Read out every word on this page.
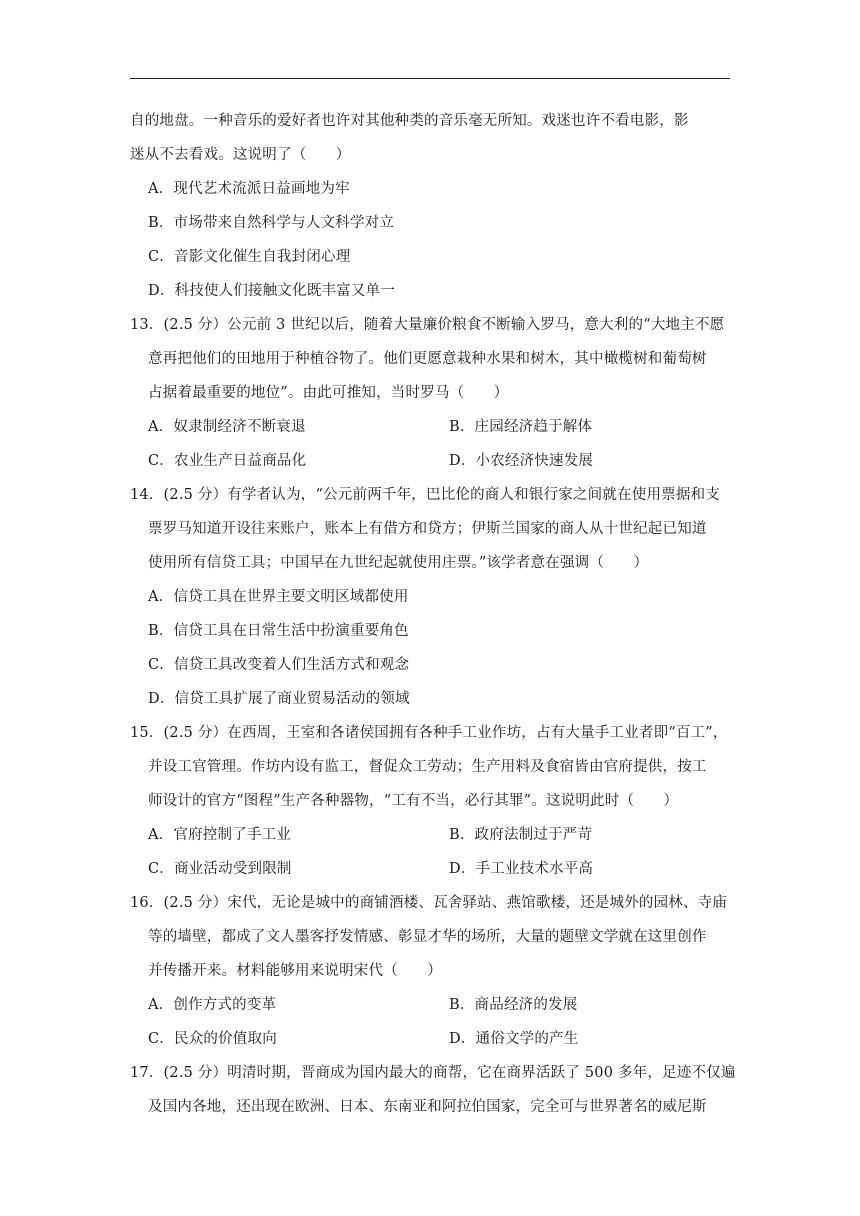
自的地盘。一种音乐的爱好者也许对其他种类的音乐毫无所知。戏迷也许不看电影，影
迷从不去看戏。这说明了（　　）
A．现代艺术流派日益画地为牢
B．市场带来自然科学与人文科学对立
C．音影文化催生自我封闭心理
D．科技使人们接触文化既丰富又单一
13．(2.5 分）公元前 3 世纪以后，随着大量廉价粮食不断输入罗马，意大利的“大地主不愿
意再把他们的田地用于种植谷物了。他们更愿意栽种水果和树木，其中橄榄树和葡萄树
占据着最重要的地位”。由此可推知，当时罗马（　　）
A．奴隶制经济不断衰退	B．庄园经济趋于解体
C．农业生产日益商品化	D．小农经济快速发展
14．(2.5 分）有学者认为，“公元前两千年，巴比伦的商人和银行家之间就在使用票据和支
票罗马知道开设往来账户，账本上有借方和贷方；伊斯兰国家的商人从十世纪起已知道
使用所有信贷工具；中国早在九世纪起就使用庄票。”该学者意在强调（　　）
A．信贷工具在世界主要文明区域都使用
B．信贷工具在日常生活中扮演重要角色
C．信贷工具改变着人们生活方式和观念
D．信贷工具扩展了商业贸易活动的领域
15．(2.5 分）在西周，王室和各诸侯国拥有各种手工业作坊，占有大量手工业者即“百工”，
并设工官管理。作坊内设有监工，督促众工劳动；生产用料及食宿皆由官府提供，按工
师设计的官方“图程”生产各种器物，“工有不当，必行其罪”。这说明此时（　　）
A．官府控制了手工业	B．政府法制过于严苛
C．商业活动受到限制	D．手工业技术水平高
16．(2.5 分）宋代，无论是城中的商铺酒楼、瓦舍驿站、燕馆歌楼，还是城外的园林、寺庙
等的墙壁，都成了文人墨客抒发情感、彰显才华的场所，大量的题壁文学就在这里创作
并传播开来。材料能够用来说明宋代（　　）
A．创作方式的变革	B．商品经济的发展
C．民众的价值取向	D．通俗文学的产生
17．(2.5 分）明清时期，晋商成为国内最大的商帮，它在商界活跃了 500 多年，足迹不仅遍
及国内各地，还出现在欧洲、日本、东南亚和阿拉伯国家，完全可与世界著名的威尼斯
